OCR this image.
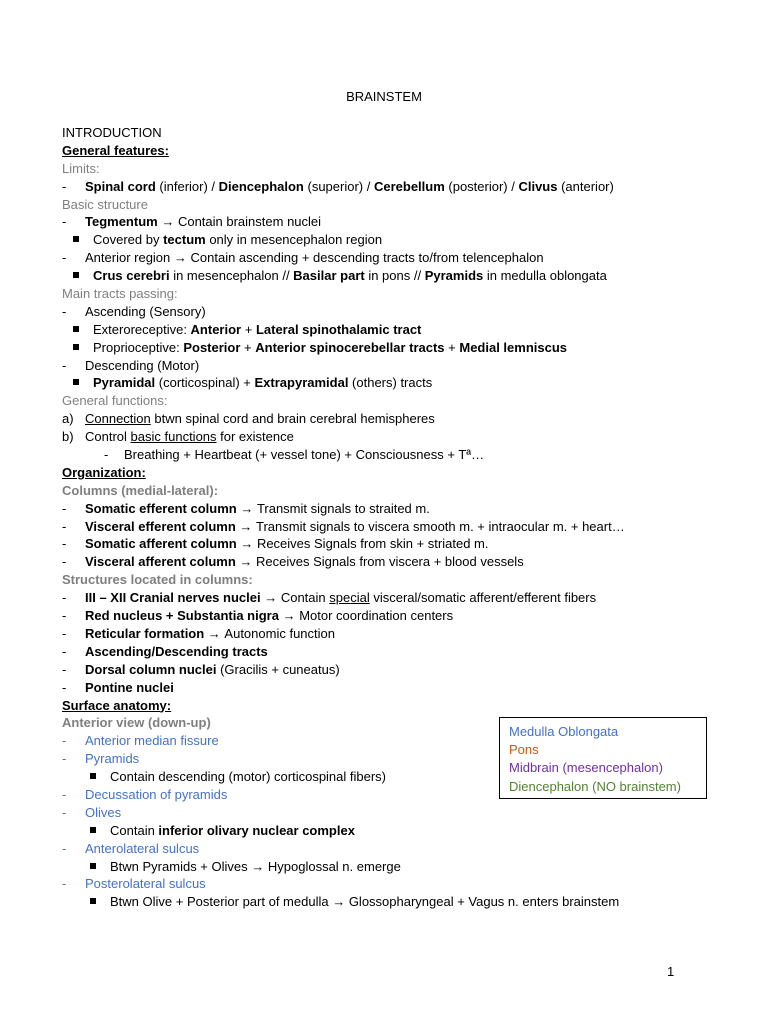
BRAINSTEM
INTRODUCTION
General features:
Limits:
- Spinal cord (inferior) / Diencephalon (superior) / Cerebellum (posterior) / Clivus (anterior)
Basic structure
- Tegmentum → Contain brainstem nuclei
Covered by tectum only in mesencephalon region
- Anterior region → Contain ascending + descending tracts to/from telencephalon
Crus cerebri in mesencephalon // Basilar part in pons // Pyramids in medulla oblongata
Main tracts passing:
- Ascending (Sensory)
Exteroreceptive: Anterior + Lateral spinothalamic tract
Proprioceptive: Posterior + Anterior spinocerebellar tracts + Medial lemniscus
- Descending (Motor)
Pyramidal (corticospinal) + Extrapyramidal (others) tracts
General functions:
a) Connection btwn spinal cord and brain cerebral hemispheres
b) Control basic functions for existence
- Breathing + Heartbeat (+ vessel tone) + Consciousness + Tª…
Organization:
Columns (medial-lateral):
- Somatic efferent column → Transmit signals to straited m.
- Visceral efferent column → Transmit signals to viscera smooth m. + intraocular m. + heart…
- Somatic afferent column → Receives Signals from skin + striated m.
- Visceral afferent column → Receives Signals from viscera + blood vessels
Structures located in columns:
- III – XII Cranial nerves nuclei → Contain special visceral/somatic afferent/efferent fibers
- Red nucleus + Substantia nigra → Motor coordination centers
- Reticular formation → Autonomic function
- Ascending/Descending tracts
- Dorsal column nuclei (Gracilis + cuneatus)
- Pontine nuclei
Surface anatomy:
Anterior view (down-up)
- Anterior median fissure
- Pyramids
Contain descending (motor) corticospinal fibers)
- Decussation of pyramids
- Olives
Contain inferior olivary nuclear complex
- Anterolateral sulcus
Btwn Pyramids + Olives → Hypoglossal n. emerge
- Posterolateral sulcus
Btwn Olive + Posterior part of medulla → Glossopharyngeal + Vagus n. enters brainstem
Medulla Oblongata
Pons
Midbrain (mesencephalon)
Diencephalon (NO brainstem)
1
